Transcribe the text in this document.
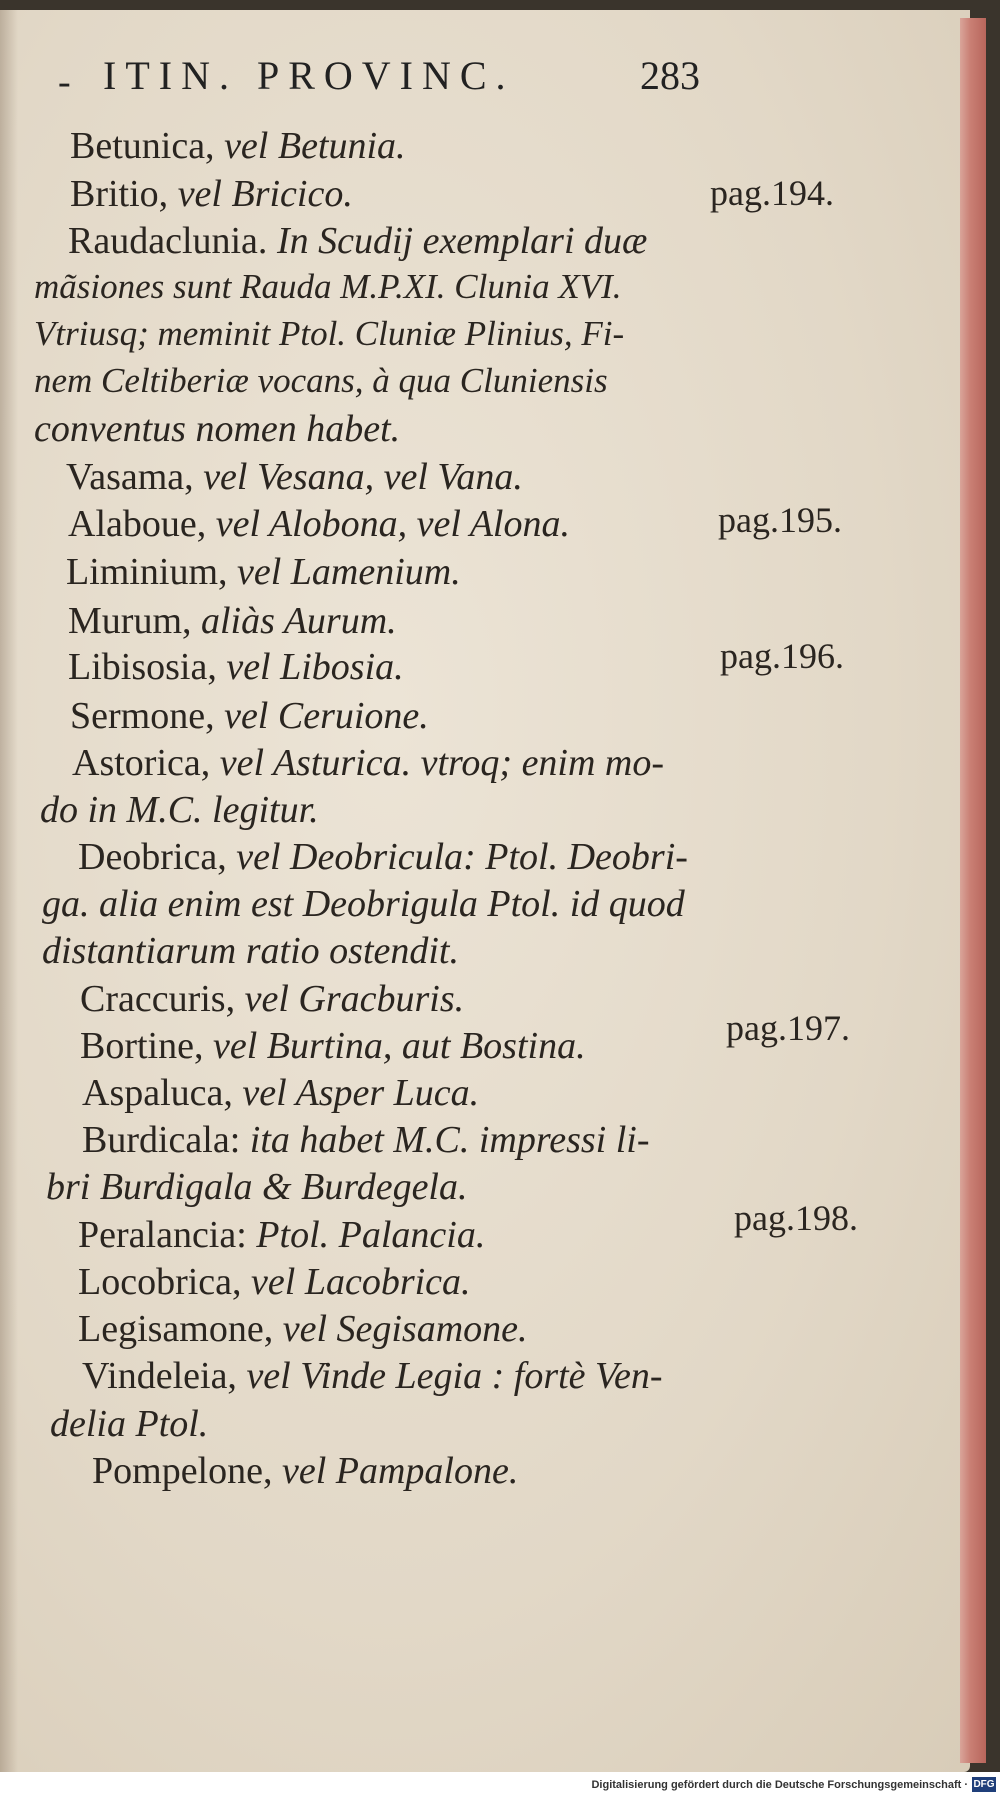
- ITIN. PROVINC.	283
Betunica, vel Betunia.
Britio, vel Bricico.
Raudaclunia. In Scudij exemplari duæ
mãsiones sunt Rauda M.P.XI. Clunia XVI.
Vtriusq; meminit Ptol. Cluniæ Plinius, Fi-
nem Celtiberiæ vocans, à qua Cluniensis
conventus nomen habet.
Vasama, vel Vesana, vel Vana.
Alaboue, vel Alobona, vel Alona.
Liminium, vel Lamenium.
Murum, aliàs Aurum.
Libisosia, vel Libosia.
Sermone, vel Ceruione.
Astorica, vel Asturica. vtroq; enim mo-
do in M.C. legitur.
Deobrica, vel Deobricula: Ptol. Deobri-
ga. alia enim est Deobrigula Ptol. id quod
distantiarum ratio ostendit.
Craccuris, vel Gracburis.
Bortine, vel Burtina, aut Bostina.
Aspaluca, vel Asper Luca.
Burdicala: ita habet M.C. impressi li-
bri Burdigala & Burdegela.
Peralancia: Ptol. Palancia.
Locobrica, vel Lacobrica.
Legisamone, vel Segisamone.
Vindeleia, vel Vinde Legia : fortè Ven-
delia Ptol.
Pompelone, vel Pampalone.
pag.194.
pag.195.
pag.196.
pag.197.
pag.198.
Digitalisierung gefördert durch die Deutsche Forschungsgemeinschaft · DFG
